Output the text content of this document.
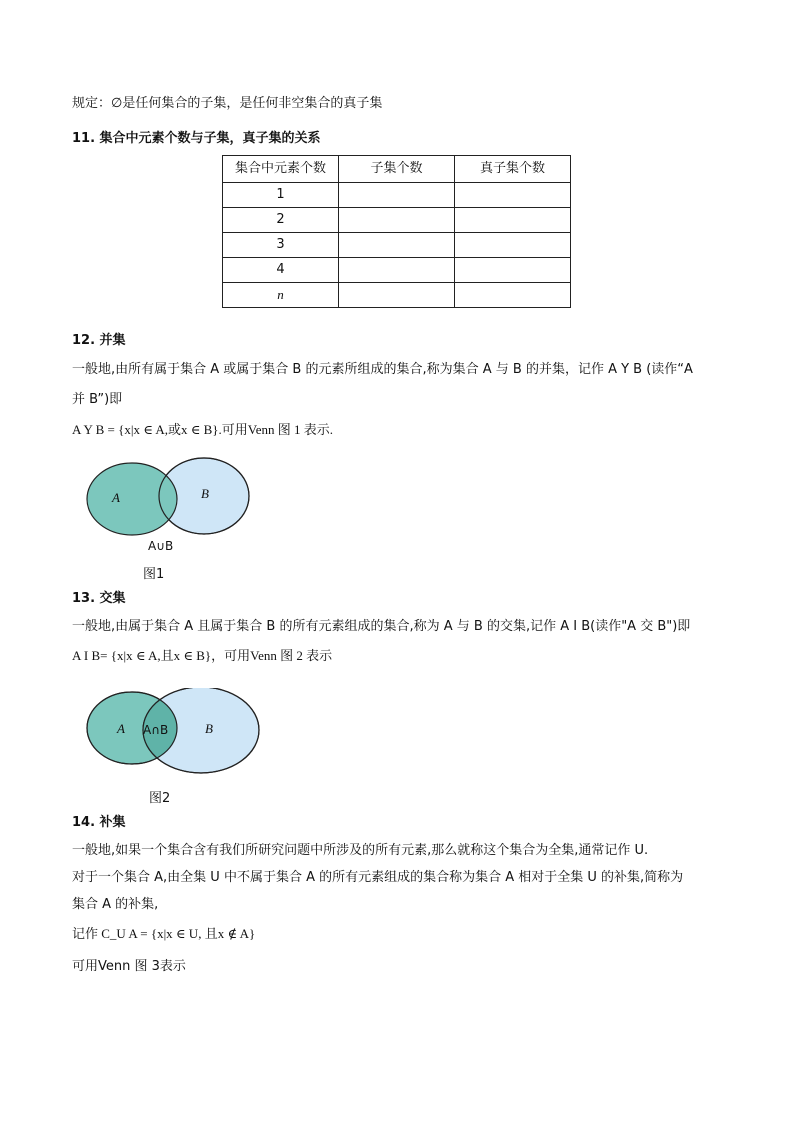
规定：∅是任何集合的子集，是任何非空集合的真子集
11. 集合中元素个数与子集，真子集的关系
集合中元素个数	子集个数	真子集个数
1		
2		
3		
4		
n		
12. 并集
一般地,由所有属于集合 A 或属于集合 B 的元素所组成的集合,称为集合 A 与 B 的并集，记作 A Y B (读作“A
并 B”)即
A Y B = {x|x ∈ A,或x ∈ B}.可用Venn 图 1 表示.
A	B
A∪B
图1
13. 交集
一般地,由属于集合 A 且属于集合 B 的所有元素组成的集合,称为 A 与 B 的交集,记作 A I B(读作"A 交 B")即
A I B= {x|x ∈ A,且x ∈ B}，可用Venn 图 2 表示
A A∩B	B
图2
14. 补集
一般地,如果一个集合含有我们所研究问题中所涉及的所有元素,那么就称这个集合为全集,通常记作 U.
对于一个集合 A,由全集 U 中不属于集合 A 的所有元素组成的集合称为集合 A 相对于全集 U 的补集,简称为
集合 A 的补集,
记作 C_U A = {x|x ∈ U, 且x ∉ A}
可用Venn 图 3表示
